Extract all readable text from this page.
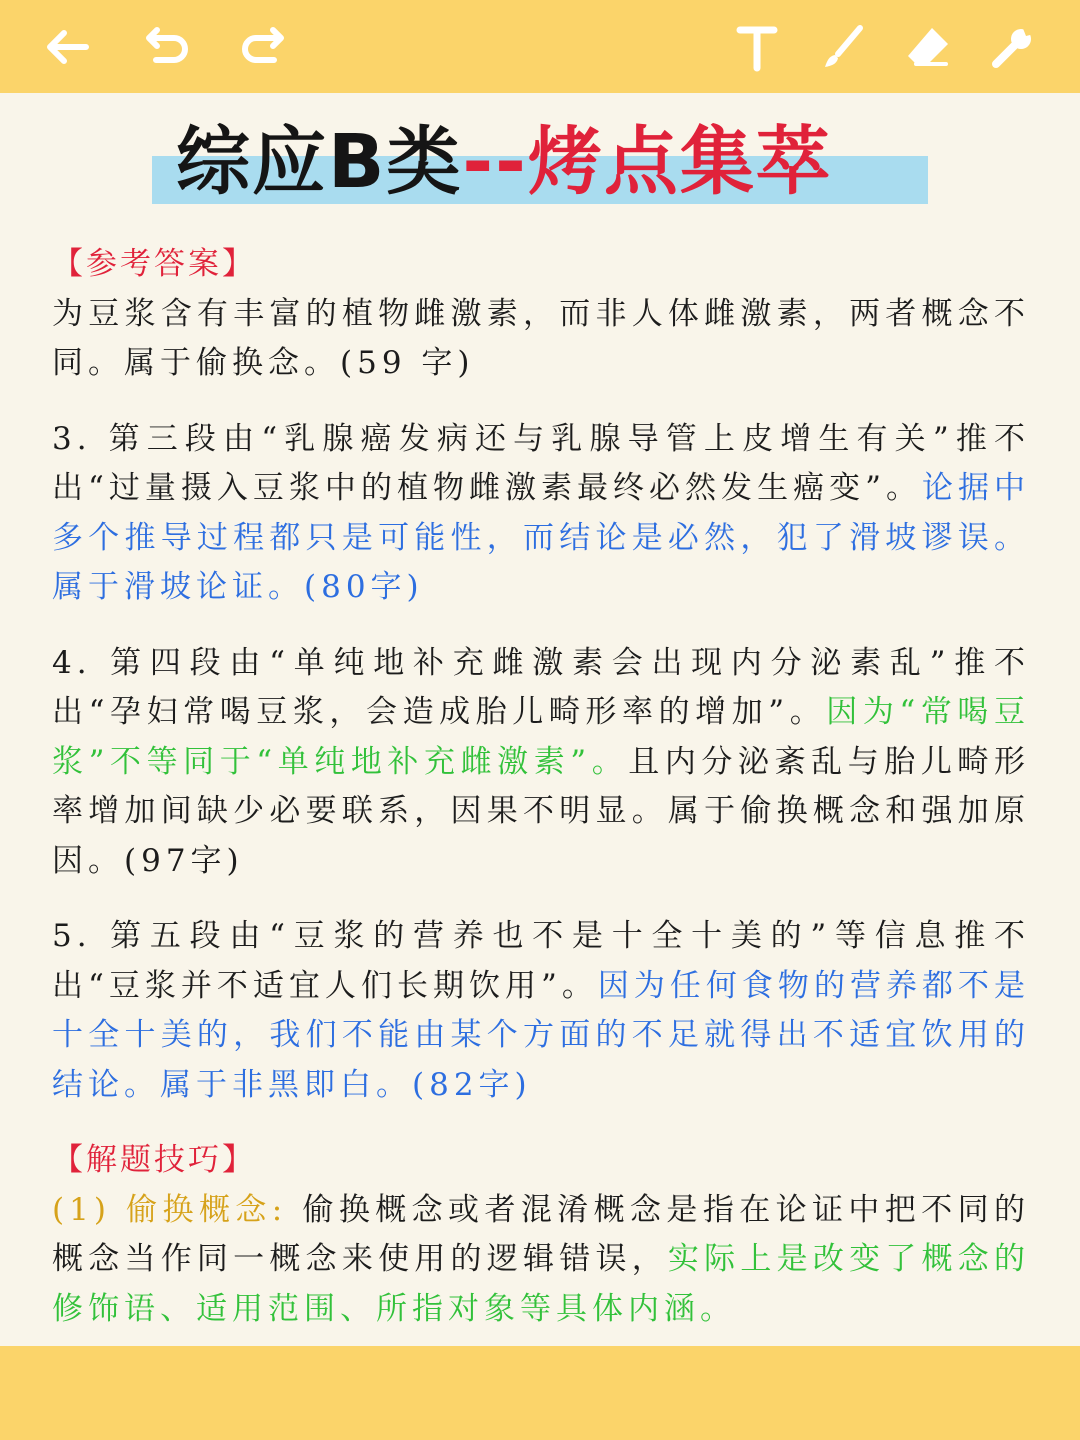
综应B类--烤点集萃

【参考答案】
为豆浆含有丰富的植物雌激素，而非人体雌激素，两者概念不同。属于偷换念。(59 字)

3. 第三段由“乳腺癌发病还与乳腺导管上皮增生有关”推不出“过量摄入豆浆中的植物雌激素最终必然发生癌变”。论据中多个推导过程都只是可能性，而结论是必然，犯了滑坡谬误。属于滑坡论证。(80字)

4. 第四段由“单纯地补充雌激素会出现内分泌素乱”推不出“孕妇常喝豆浆，会造成胎儿畸形率的增加”。因为“常喝豆浆”不等同于“单纯地补充雌激素”。且内分泌紊乱与胎儿畸形率增加间缺少必要联系，因果不明显。属于偷换概念和强加原因。(97字)

5. 第五段由“豆浆的营养也不是十全十美的”等信息推不出“豆浆并不适宜人们长期饮用”。因为任何食物的营养都不是十全十美的，我们不能由某个方面的不足就得出不适宜饮用的结论。属于非黑即白。(82字)

【解题技巧】
(1) 偷换概念: 偷换概念或者混淆概念是指在论证中把不同的概念当作同一概念来使用的逻辑错误，实际上是改变了概念的修饰语、适用范围、所指对象等具体内涵。
